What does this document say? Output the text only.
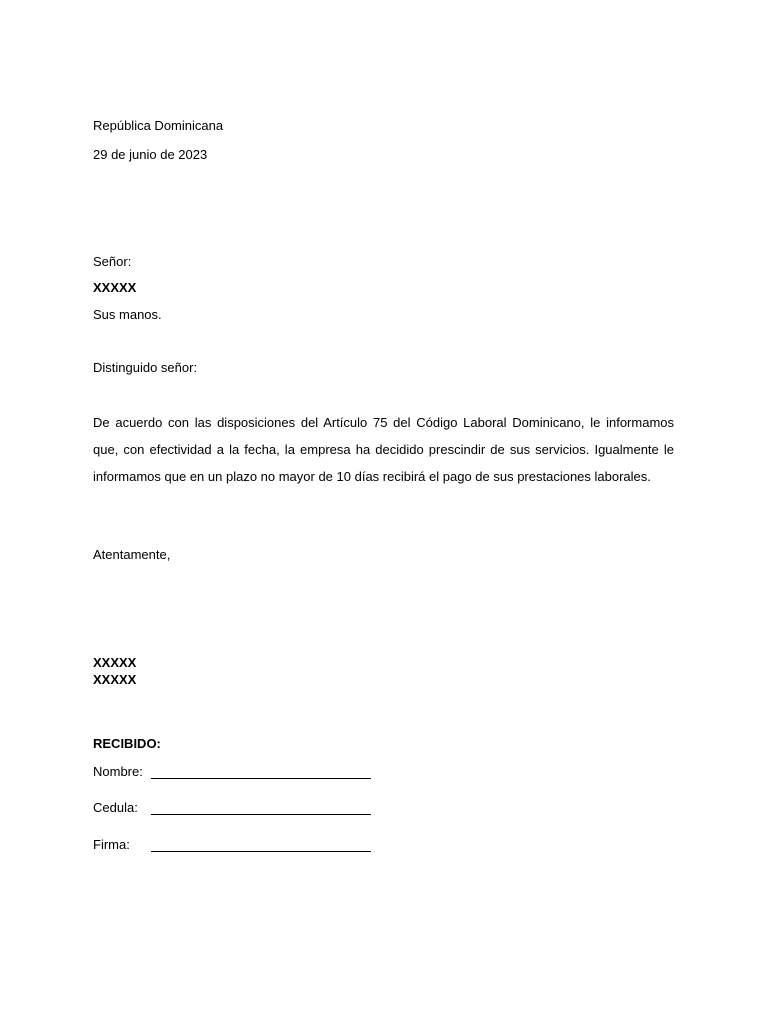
República Dominicana
29 de junio de 2023
Señor:
XXXXX
Sus manos.
Distinguido señor:
De acuerdo con las disposiciones del Artículo 75 del Código Laboral Dominicano, le informamos que, con efectividad a la fecha, la empresa ha decidido prescindir de sus servicios. Igualmente le informamos que en un plazo no mayor de 10 días recibirá el pago de sus prestaciones laborales.
Atentamente,
XXXXX
XXXXX
RECIBIDO:
Nombre:
Cedula:
Firma:
